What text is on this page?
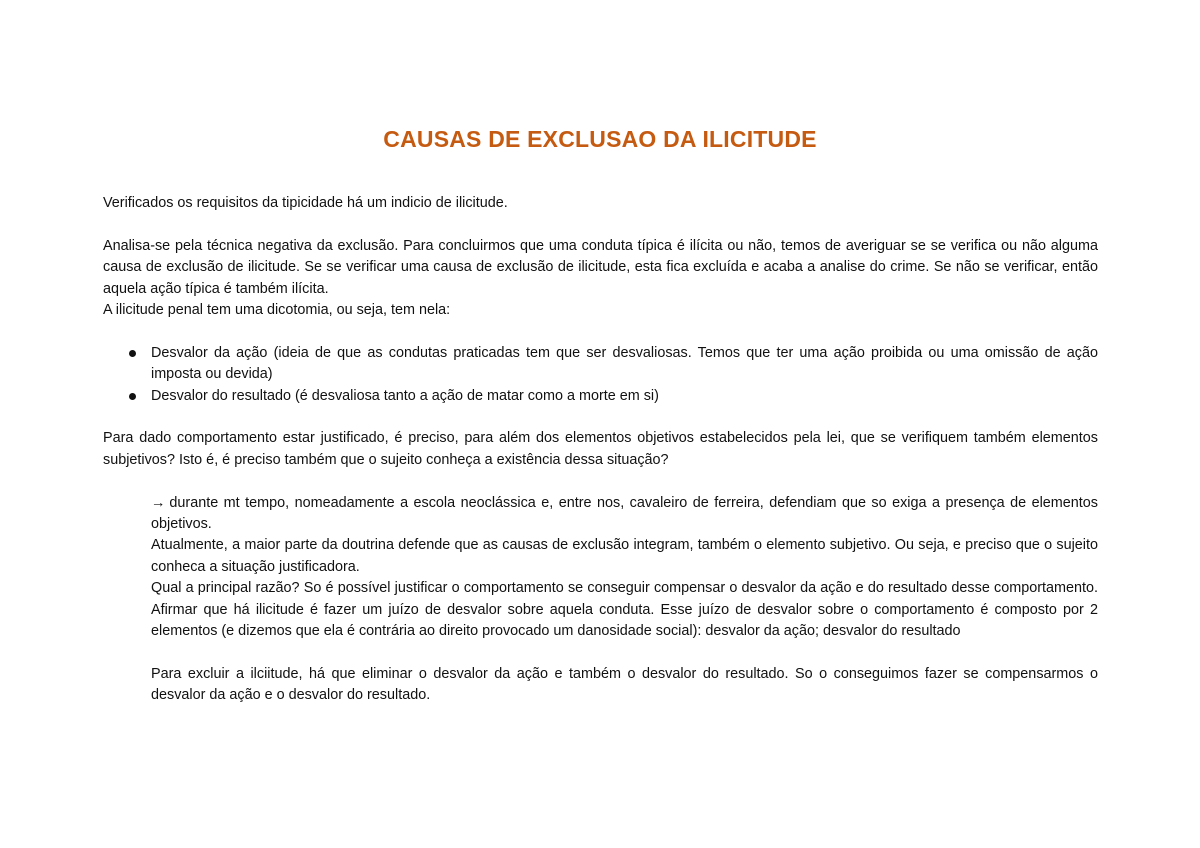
CAUSAS DE EXCLUSAO DA ILICITUDE

Verificados os requisitos da tipicidade há um indicio de ilicitude.

Analisa-se pela técnica negativa da exclusão. Para concluirmos que uma conduta típica é ilícita ou não, temos de averiguar se se verifica ou não alguma causa de exclusão de ilicitude. Se se verificar uma causa de exclusão de ilicitude, esta fica excluída e acaba a analise do crime. Se não se verificar, então aquela ação típica é também ilícita.

A ilicitude penal tem uma dicotomia, ou seja, tem nela:

Desvalor da ação (ideia de que as condutas praticadas tem que ser desvaliosas. Temos que ter uma ação proibida ou uma omissão de ação imposta ou devida)
Desvalor do resultado (é desvaliosa tanto a ação de matar como a morte em si)

Para dado comportamento estar justificado, é preciso, para além dos elementos objetivos estabelecidos pela lei, que se verifiquem também elementos subjetivos? Isto é, é preciso também que o sujeito conheça a existência dessa situação?

→ durante mt tempo, nomeadamente a escola neoclássica e, entre nos, cavaleiro de ferreira, defendiam que so exiga a presença de elementos objetivos.

Atualmente, a maior parte da doutrina defende que as causas de exclusão integram, também o elemento subjetivo. Ou seja, e preciso que o sujeito conheca a situação justificadora.

Qual a principal razão? So é possível justificar o comportamento se conseguir compensar o desvalor da ação e do resultado desse comportamento. Afirmar que há ilicitude é fazer um juízo de desvalor sobre aquela conduta. Esse juízo de desvalor sobre o comportamento é composto por 2 elementos (e dizemos que ela é contrária ao direito provocado um danosidade social): desvalor da ação; desvalor do resultado

Para excluir a ilciitude, há que eliminar o desvalor da ação e também o desvalor do resultado. So o conseguimos fazer se compensarmos o desvalor da ação e o desvalor do resultado.
